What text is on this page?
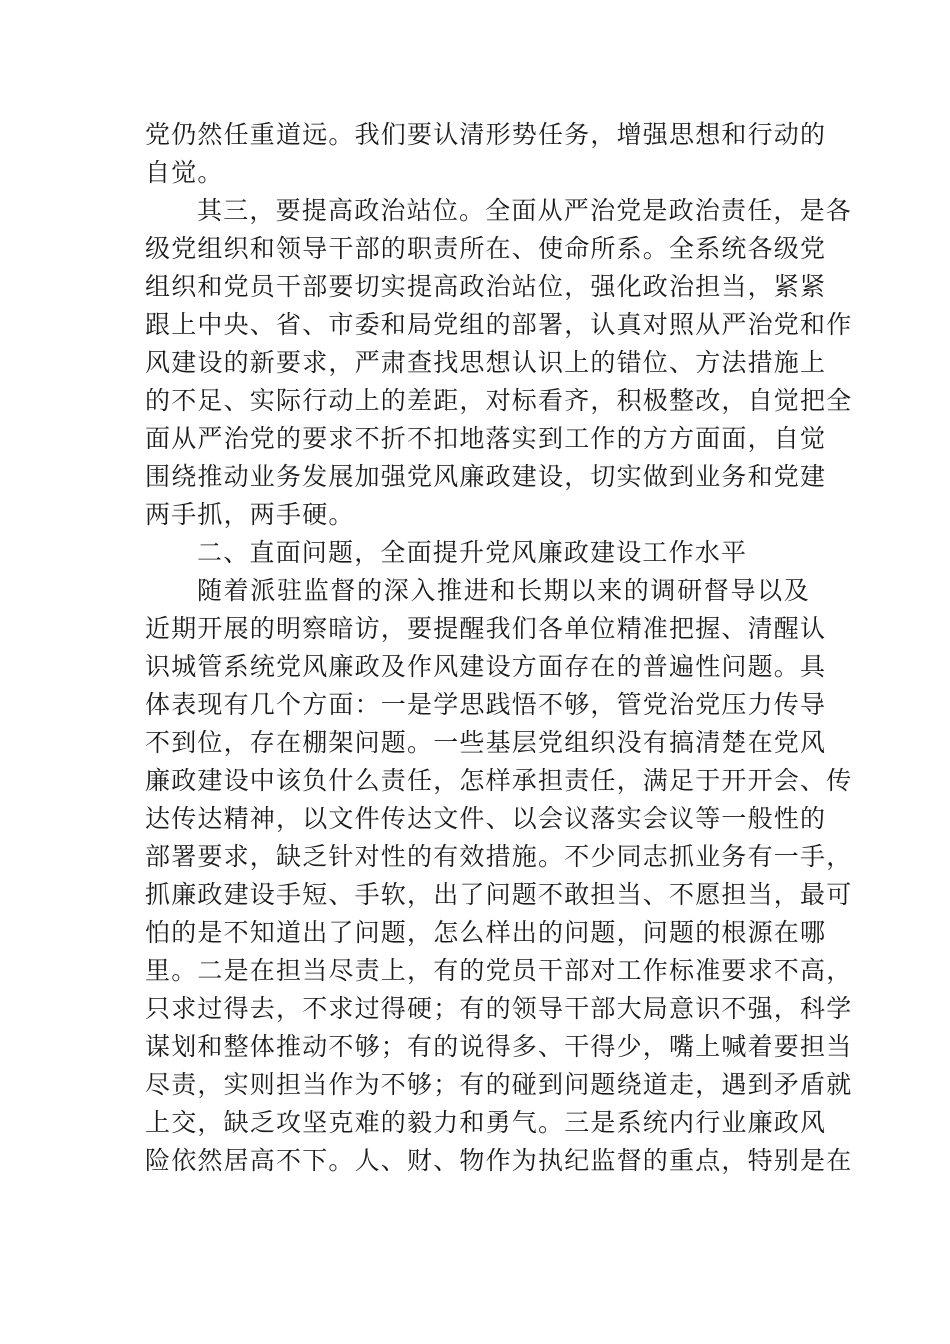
党仍然任重道远。我们要认清形势任务，增强思想和行动的
自觉。
其三，要提高政治站位。全面从严治党是政治责任，是各
级党组织和领导干部的职责所在、使命所系。全系统各级党
组织和党员干部要切实提高政治站位，强化政治担当，紧紧
跟上中央、省、市委和局党组的部署，认真对照从严治党和作
风建设的新要求，严肃查找思想认识上的错位、方法措施上
的不足、实际行动上的差距，对标看齐，积极整改，自觉把全
面从严治党的要求不折不扣地落实到工作的方方面面，自觉
围绕推动业务发展加强党风廉政建设，切实做到业务和党建
两手抓，两手硬。
二、直面问题，全面提升党风廉政建设工作水平
随着派驻监督的深入推进和长期以来的调研督导以及
近期开展的明察暗访，要提醒我们各单位精准把握、清醒认
识城管系统党风廉政及作风建设方面存在的普遍性问题。具
体表现有几个方面：一是学思践悟不够，管党治党压力传导
不到位，存在棚架问题。一些基层党组织没有搞清楚在党风
廉政建设中该负什么责任，怎样承担责任，满足于开开会、传
达传达精神，以文件传达文件、以会议落实会议等一般性的
部署要求，缺乏针对性的有效措施。不少同志抓业务有一手，
抓廉政建设手短、手软，出了问题不敢担当、不愿担当，最可
怕的是不知道出了问题，怎么样出的问题，问题的根源在哪
里。二是在担当尽责上，有的党员干部对工作标准要求不高，
只求过得去，不求过得硬；有的领导干部大局意识不强，科学
谋划和整体推动不够；有的说得多、干得少，嘴上喊着要担当
尽责，实则担当作为不够；有的碰到问题绕道走，遇到矛盾就
上交，缺乏攻坚克难的毅力和勇气。三是系统内行业廉政风
险依然居高不下。人、财、物作为执纪监督的重点，特别是在
